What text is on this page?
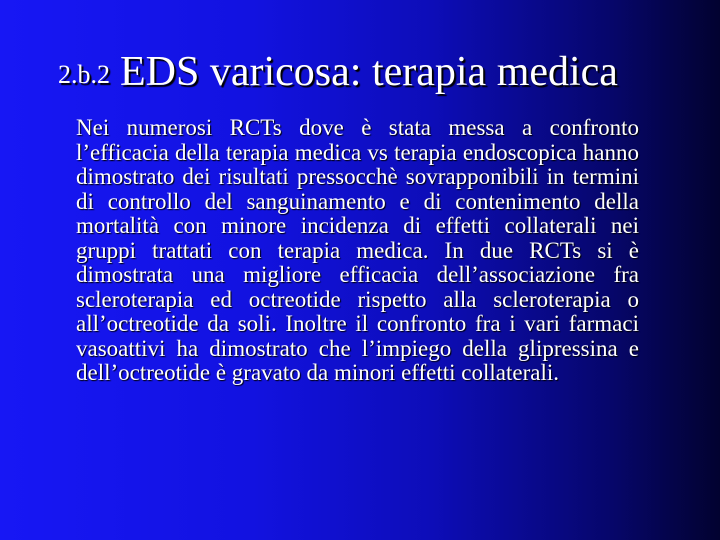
2.b.2 EDS varicosa: terapia medica

Nei numerosi RCTs dove è stata messa a confronto l’efficacia della terapia medica vs terapia endoscopica hanno dimostrato dei risultati pressocchè sovrapponibili in termini di controllo del sanguinamento e di contenimento della mortalità con minore incidenza di effetti collaterali nei gruppi trattati con terapia medica. In due RCTs si è dimostrata una migliore efficacia dell’associazione fra scleroterapia ed octreotide rispetto alla scleroterapia o all’octreotide da soli. Inoltre il confronto fra i vari farmaci vasoattivi ha dimostrato che l’impiego della glipressina e dell’octreotide è gravato da minori effetti collaterali.
